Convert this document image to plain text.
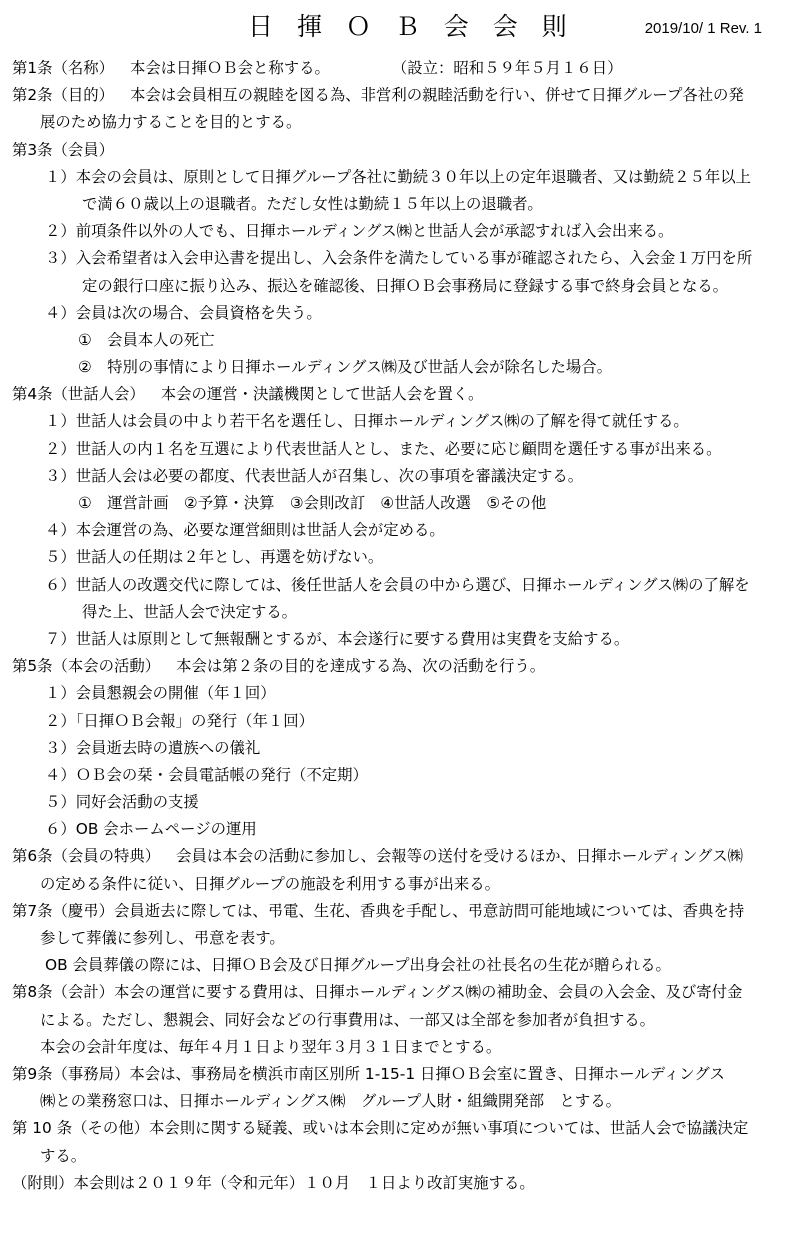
日 揮 Ｏ Ｂ 会 会 則	2019/10/ 1 Rev. 1
第1条（名称） 本会は日揮ＯＢ会と称する。	（設立：昭和５９年５月１６日）
第2条（目的） 本会は会員相互の親睦を図る為、非営利の親睦活動を行い、併せて日揮グループ各社の発
展のため協力することを目的とする。
第3条（会員）
１）本会の会員は、原則として日揮グループ各社に勤続３０年以上の定年退職者、又は勤続２５年以上
で満６０歳以上の退職者。ただし女性は勤続１５年以上の退職者。
２）前項条件以外の人でも、日揮ホールディングス㈱と世話人会が承認すれば入会出来る。
３）入会希望者は入会申込書を提出し、入会条件を満たしている事が確認されたら、入会金１万円を所
定の銀行口座に振り込み、振込を確認後、日揮ＯＢ会事務局に登録する事で終身会員となる。
４）会員は次の場合、会員資格を失う。
①　会員本人の死亡
②　特別の事情により日揮ホールディングス㈱及び世話人会が除名した場合。
第4条（世話人会） 本会の運営・決議機関として世話人会を置く。
１）世話人は会員の中より若干名を選任し、日揮ホールディングス㈱の了解を得て就任する。
２）世話人の内１名を互選により代表世話人とし、また、必要に応じ顧問を選任する事が出来る。
３）世話人会は必要の都度、代表世話人が召集し、次の事項を審議決定する。
①　運営計画　②予算・決算　③会則改訂　④世話人改選　⑤その他
４）本会運営の為、必要な運営細則は世話人会が定める。
５）世話人の任期は２年とし、再選を妨げない。
６）世話人の改選交代に際しては、後任世話人を会員の中から選び、日揮ホールディングス㈱の了解を
得た上、世話人会で決定する。
７）世話人は原則として無報酬とするが、本会遂行に要する費用は実費を支給する。
第5条（本会の活動） 本会は第２条の目的を達成する為、次の活動を行う。
１）会員懇親会の開催（年１回）
２）「日揮ＯＢ会報」の発行（年１回）
３）会員逝去時の遺族への儀礼
４）ＯＢ会の栞・会員電話帳の発行（不定期）
５）同好会活動の支援
６）OB 会ホームページの運用
第6条（会員の特典） 会員は本会の活動に参加し、会報等の送付を受けるほか、日揮ホールディングス㈱
の定める条件に従い、日揮グループの施設を利用する事が出来る。
第7条（慶弔）会員逝去に際しては、弔電、生花、香典を手配し、弔意訪問可能地域については、香典を持
参して葬儀に参列し、弔意を表す。
OB 会員葬儀の際には、日揮ＯＢ会及び日揮グループ出身会社の社長名の生花が贈られる。
第8条（会計）本会の運営に要する費用は、日揮ホールディングス㈱の補助金、会員の入会金、及び寄付金
による。ただし、懇親会、同好会などの行事費用は、一部又は全部を参加者が負担する。
本会の会計年度は、毎年４月１日より翌年３月３１日までとする。
第9条（事務局）本会は、事務局を横浜市南区別所 1-15-1 日揮ＯＢ会室に置き、日揮ホールディングス
㈱との業務窓口は、日揮ホールディングス㈱　グループ人財・組織開発部　とする。
第 10 条（その他）本会則に関する疑義、或いは本会則に定めが無い事項については、世話人会で協議決定
する。
（附則）本会則は２０１９年（令和元年）１０月　１日より改訂実施する。
